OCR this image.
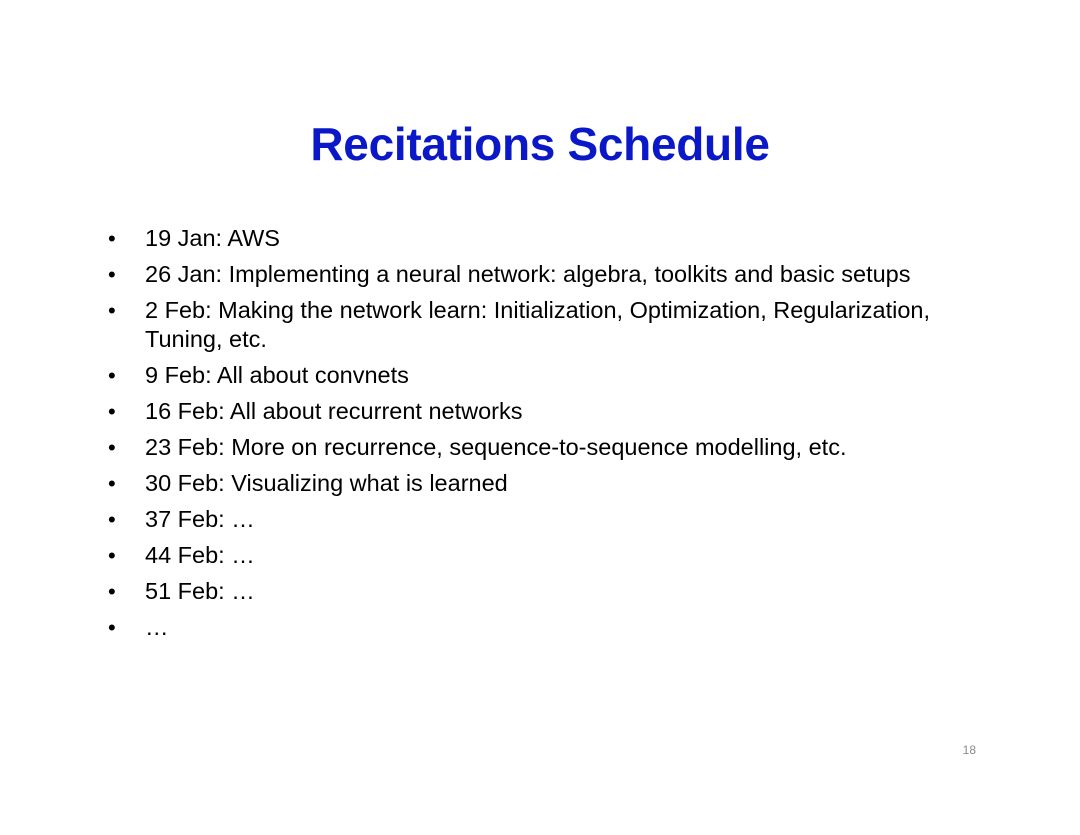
Recitations Schedule
•	19 Jan: AWS
•	26 Jan: Implementing a neural network: algebra, toolkits and basic setups
•	2 Feb: Making the network learn: Initialization, Optimization, Regularization, Tuning, etc.
•	9 Feb: All about convnets
•	16 Feb: All about recurrent networks
•	23 Feb: More on recurrence, sequence-to-sequence modelling, etc.
•	30 Feb: Visualizing what is learned
•	37 Feb: …
•	44 Feb: …
•	51 Feb: …
•	…
18
